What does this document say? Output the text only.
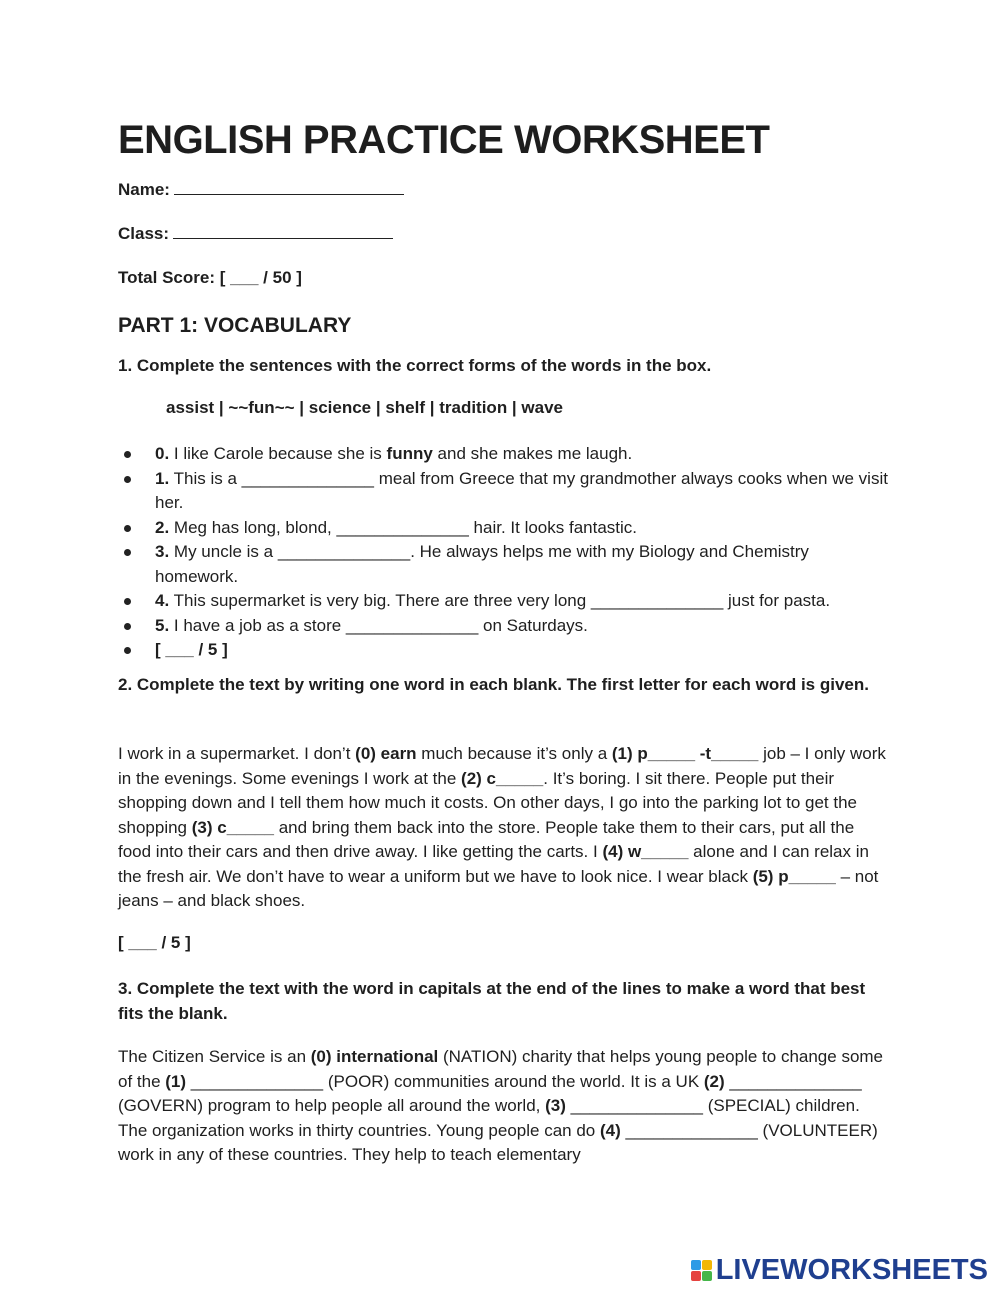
ENGLISH PRACTICE WORKSHEET
Name:
Class:
Total Score: [ ___ / 50 ]
PART 1: VOCABULARY
1. Complete the sentences with the correct forms of the words in the box.
assist | ~~fun~~ | science | shelf | tradition | wave
0. I like Carole because she is funny and she makes me laugh.
1. This is a ______________ meal from Greece that my grandmother always cooks when we visit her.
2. Meg has long, blond, ______________ hair. It looks fantastic.
3. My uncle is a ______________. He always helps me with my Biology and Chemistry homework.
4. This supermarket is very big. There are three very long ______________ just for pasta.
5. I have a job as a store ______________ on Saturdays.
[ ___ / 5 ]
2. Complete the text by writing one word in each blank. The first letter for each word is given.
I work in a supermarket. I don’t (0) earn much because it’s only a (1) p_____ -t_____ job – I only work in the evenings. Some evenings I work at the (2) c_____. It’s boring. I sit there. People put their shopping down and I tell them how much it costs. On other days, I go into the parking lot to get the shopping (3) c_____ and bring them back into the store. People take them to their cars, put all the food into their cars and then drive away. I like getting the carts. I (4) w_____ alone and I can relax in the fresh air. We don’t have to wear a uniform but we have to look nice. I wear black (5) p_____ – not jeans – and black shoes.
[ ___ / 5 ]
3. Complete the text with the word in capitals at the end of the lines to make a word that best fits the blank.
The Citizen Service is an (0) international (NATION) charity that helps young people to change some of the (1) ______________ (POOR) communities around the world. It is a UK (2) ______________ (GOVERN) program to help people all around the world, (3) ______________ (SPECIAL) children. The organization works in thirty countries. Young people can do (4) ______________ (VOLUNTEER) work in any of these countries. They help to teach elementary
LIVEWORKSHEETS
